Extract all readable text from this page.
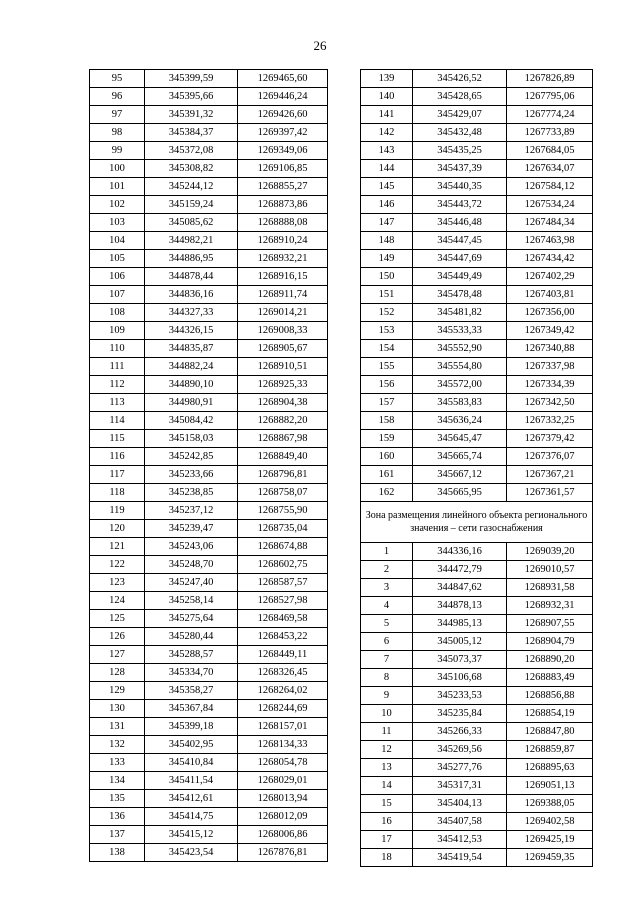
26
95	345399,59	1269465,60
96	345395,66	1269446,24
97	345391,32	1269426,60
98	345384,37	1269397,42
99	345372,08	1269349,06
100	345308,82	1269106,85
101	345244,12	1268855,27
102	345159,24	1268873,86
103	345085,62	1268888,08
104	344982,21	1268910,24
105	344886,95	1268932,21
106	344878,44	1268916,15
107	344836,16	1268911,74
108	344327,33	1269014,21
109	344326,15	1269008,33
110	344835,87	1268905,67
111	344882,24	1268910,51
112	344890,10	1268925,33
113	344980,91	1268904,38
114	345084,42	1268882,20
115	345158,03	1268867,98
116	345242,85	1268849,40
117	345233,66	1268796,81
118	345238,85	1268758,07
119	345237,12	1268755,90
120	345239,47	1268735,04
121	345243,06	1268674,88
122	345248,70	1268602,75
123	345247,40	1268587,57
124	345258,14	1268527,98
125	345275,64	1268469,58
126	345280,44	1268453,22
127	345288,57	1268449,11
128	345334,70	1268326,45
129	345358,27	1268264,02
130	345367,84	1268244,69
131	345399,18	1268157,01
132	345402,95	1268134,33
133	345410,84	1268054,78
134	345411,54	1268029,01
135	345412,61	1268013,94
136	345414,75	1268012,09
137	345415,12	1268006,86
138	345423,54	1267876,81
139	345426,52	1267826,89
140	345428,65	1267795,06
141	345429,07	1267774,24
142	345432,48	1267733,89
143	345435,25	1267684,05
144	345437,39	1267634,07
145	345440,35	1267584,12
146	345443,72	1267534,24
147	345446,48	1267484,34
148	345447,45	1267463,98
149	345447,69	1267434,42
150	345449,49	1267402,29
151	345478,48	1267403,81
152	345481,82	1267356,00
153	345533,33	1267349,42
154	345552,90	1267340,88
155	345554,80	1267337,98
156	345572,00	1267334,39
157	345583,83	1267342,50
158	345636,24	1267332,25
159	345645,47	1267379,42
160	345665,74	1267376,07
161	345667,12	1267367,21
162	345665,95	1267361,57
Зона размещения линейного объекта регионального значения – сети газоснабжения		
1	344336,16	1269039,20
2	344472,79	1269010,57
3	344847,62	1268931,58
4	344878,13	1268932,31
5	344985,13	1268907,55
6	345005,12	1268904,79
7	345073,37	1268890,20
8	345106,68	1268883,49
9	345233,53	1268856,88
10	345235,84	1268854,19
11	345266,33	1268847,80
12	345269,56	1268859,87
13	345277,76	1268895,63
14	345317,31	1269051,13
15	345404,13	1269388,05
16	345407,58	1269402,58
17	345412,53	1269425,19
18	345419,54	1269459,35
